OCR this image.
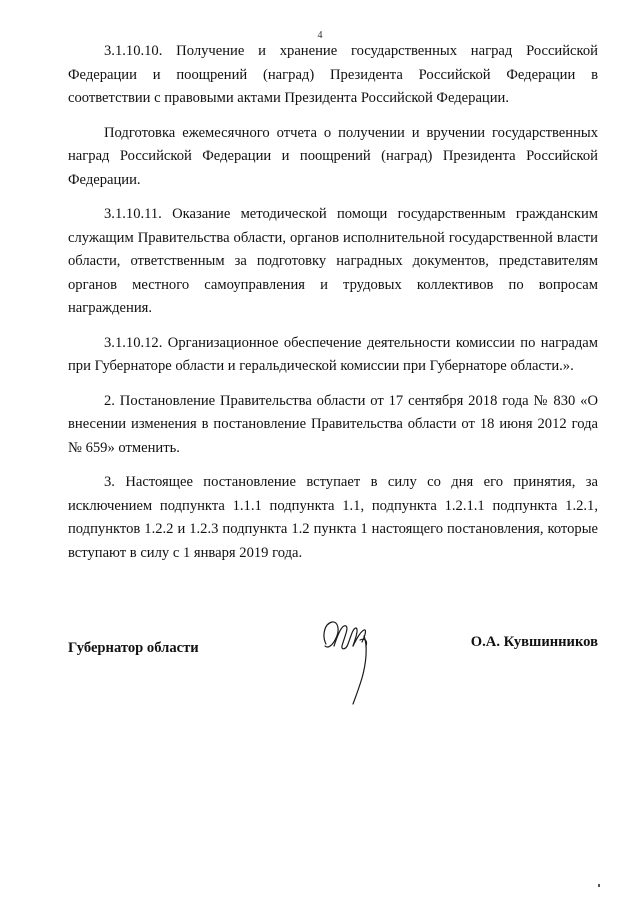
4

3.1.10.10. Получение и хранение государственных наград Российской Федерации и поощрений (наград) Президента Российской Федерации в соответствии с правовыми актами Президента Российской Федерации.

Подготовка ежемесячного отчета о получении и вручении государственных наград Российской Федерации и поощрений (наград) Президента Российской Федерации.

3.1.10.11. Оказание методической помощи государственным гражданским служащим Правительства области, органов исполнительной государственной власти области, ответственным за подготовку наградных документов, представителям органов местного самоуправления и трудовых коллективов по вопросам награждения.

3.1.10.12. Организационное обеспечение деятельности комиссии по наградам при Губернаторе области и геральдической комиссии при Губернаторе области.».

2. Постановление Правительства области от 17 сентября 2018 года № 830 «О внесении изменения в постановление Правительства области от 18 июня 2012 года № 659» отменить.

3. Настоящее постановление вступает в силу со дня его принятия, за исключением подпункта 1.1.1 подпункта 1.1, подпункта 1.2.1.1 подпункта 1.2.1, подпунктов 1.2.2 и 1.2.3 подпункта 1.2 пункта 1 настоящего постановления, которые вступают в силу с 1 января 2019 года.

Губернатор области	О.А. Кувшинников
